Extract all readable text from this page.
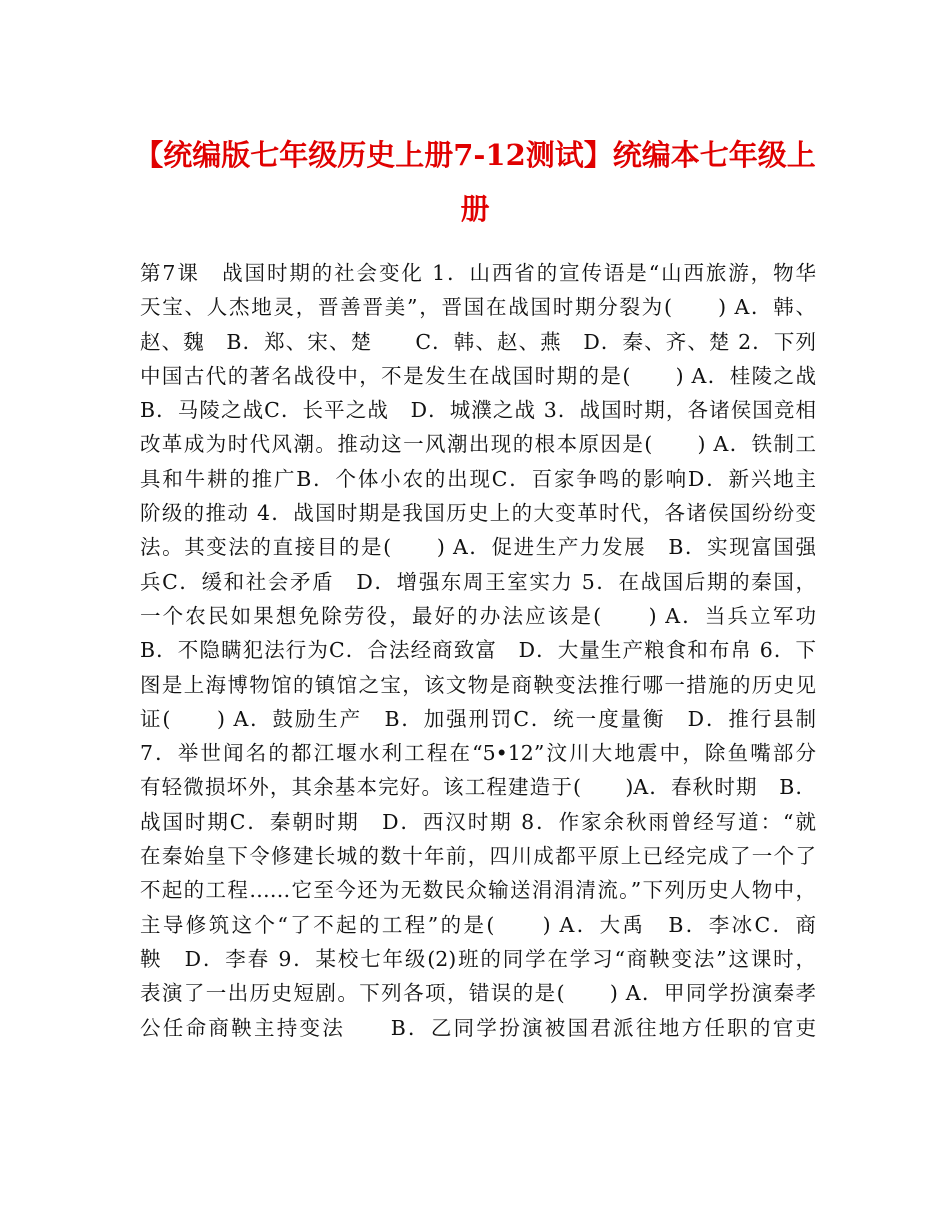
【统编版七年级历史上册7-12测试】统编本七年级上册
第7课　战国时期的社会变化 1．山西省的宣传语是“山西旅游，物华
天宝、人杰地灵，晋善晋美”，晋国在战国时期分裂为(　　) A．韩、
赵、魏　B．郑、宋、楚　　C．韩、赵、燕　D．秦、齐、楚 2．下列
中国古代的著名战役中，不是发生在战国时期的是(　　) A．桂陵之战
B．马陵之战C．长平之战　D．城濮之战 3．战国时期，各诸侯国竞相
改革成为时代风潮。推动这一风潮出现的根本原因是(　　) A．铁制工
具和牛耕的推广B．个体小农的出现C．百家争鸣的影响D．新兴地主
阶级的推动 4．战国时期是我国历史上的大变革时代，各诸侯国纷纷变
法。其变法的直接目的是(　　) A．促进生产力发展　B．实现富国强
兵C．缓和社会矛盾　D．增强东周王室实力 5．在战国后期的秦国，
一个农民如果想免除劳役，最好的办法应该是(　　) A．当兵立军功
B．不隐瞒犯法行为C．合法经商致富　D．大量生产粮食和布帛 6．下
图是上海博物馆的镇馆之宝，该文物是商鞅变法推行哪一措施的历史见
证(　　) A．鼓励生产　B．加强刑罚C．统一度量衡　D．推行县制
7．举世闻名的都江堰水利工程在“5•12”汶川大地震中，除鱼嘴部分
有轻微损坏外，其余基本完好。该工程建造于(　　)A．春秋时期　B．
战国时期C．秦朝时期　D．西汉时期 8．作家余秋雨曾经写道：“就
在秦始皇下令修建长城的数十年前，四川成都平原上已经完成了一个了
不起的工程……它至今还为无数民众输送涓涓清流。”下列历史人物中，
主导修筑这个“了不起的工程”的是(　　) A．大禹　B．李冰C．商
鞅　D．李春 9．某校七年级(2)班的同学在学习“商鞅变法”这课时，
表演了一出历史短剧。下列各项，错误的是(　　) A．甲同学扮演秦孝
公任命商鞅主持变法　　B．乙同学扮演被国君派往地方任职的官吏
